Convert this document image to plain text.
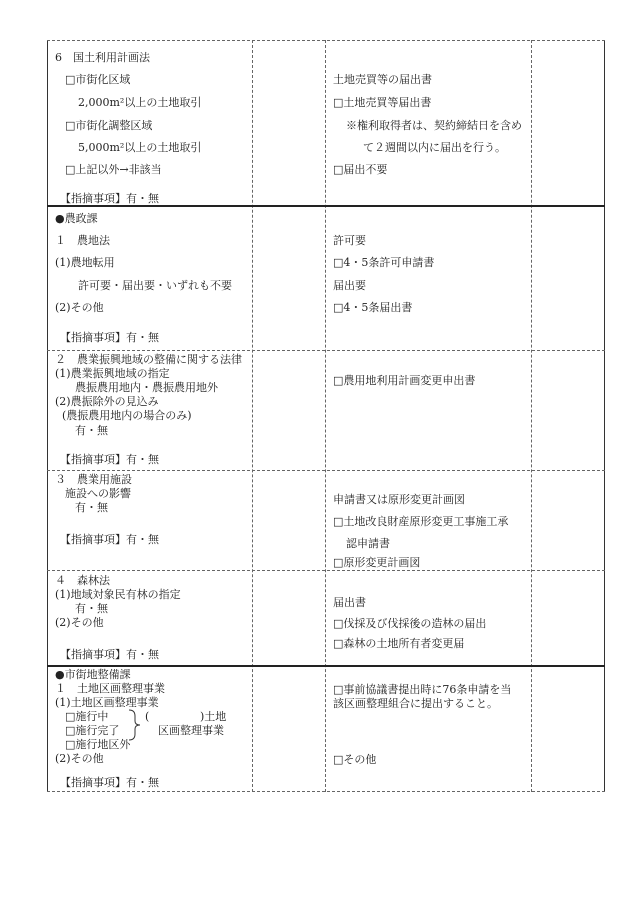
6　国土利用計画法
□市街化区域
2,000m²以上の土地取引
□市街化調整区域
5,000m²以上の土地取引
□上記以外→非該当
【指摘事項】有・無
土地売買等の届出書
□土地売買等届出書
※権利取得者は、契約締結日を含め
て２週間以内に届出を行う。
□届出不要
●農政課
１　農地法
(1)農地転用
許可要・届出要・いずれも不要
(2)その他
【指摘事項】有・無
許可要
□4・5条許可申請書
届出要
□4・5条届出書
２　農業振興地域の整備に関する法律
(1)農業振興地域の指定
農振農用地内・農振農用地外
(2)農振除外の見込み
(農振農用地内の場合のみ)
有・無
【指摘事項】有・無
□農用地利用計画変更申出書
３　農業用施設
施設への影響
有・無
【指摘事項】有・無
申請書又は原形変更計画図
□土地改良財産原形変更工事施工承
認申請書
□原形変更計画図
４　森林法
(1)地域対象民有林の指定
有・無
(2)その他
【指摘事項】有・無
届出書
□伐採及び伐採後の造林の届出
□森林の土地所有者変更届
●市街地整備課
１　土地区画整理事業
(1)土地区画整理事業
□施行中
□施行完了
□施行地区外
(	)土地
区画整理事業
(2)その他
【指摘事項】有・無
□事前協議書提出時に76条申請を当
該区画整理組合に提出すること。
□その他
